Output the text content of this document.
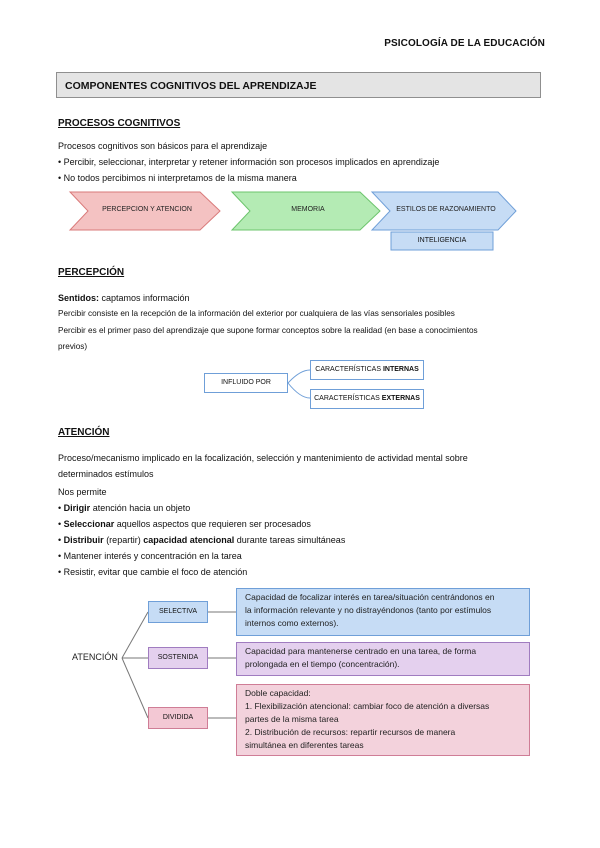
PSICOLOGÍA DE LA EDUCACIÓN
COMPONENTES COGNITIVOS DEL APRENDIZAJE
PROCESOS COGNITIVOS
Procesos cognitivos son básicos para el aprendizaje
• Percibir, seleccionar, interpretar y retener información son procesos implicados en aprendizaje
• No todos percibimos ni interpretamos de la misma manera
PERCEPCION Y ATENCION	MEMORIA	ESTILOS DE RAZONAMIENTO
INTELIGENCIA
PERCEPCIÓN
Sentidos: captamos información
Percibir consiste en la recepción de la información del exterior por cualquiera de las vías sensoriales posibles
Percibir es el primer paso del aprendizaje que supone formar conceptos sobre la realidad (en base a conocimientos
previos)
INFLUIDO POR
CARACTERÍSTICAS INTERNAS
CARACTERÍSTICAS EXTERNAS
ATENCIÓN
Proceso/mecanismo implicado en la focalización, selección y mantenimiento de actividad mental sobre
determinados estímulos
Nos permite
• Dirigir atención hacia un objeto
• Seleccionar aquellos aspectos que requieren ser procesados
• Distribuir (repartir) capacidad atencional durante tareas simultáneas
• Mantener interés y concentración en la tarea
• Resistir, evitar que cambie el foco de atención
ATENCIÓN
SELECTIVA
SOSTENIDA
DIVIDIDA
Capacidad de focalizar interés en tarea/situación centrándonos en
la información relevante y no distrayéndonos (tanto por estímulos
internos como externos).
Capacidad para mantenerse centrado en una tarea, de forma
prolongada en el tiempo (concentración).
Doble capacidad:
1. Flexibilización atencional: cambiar foco de atención a diversas
partes de la misma tarea
2. Distribución de recursos: repartir recursos de manera
simultánea en diferentes tareas
